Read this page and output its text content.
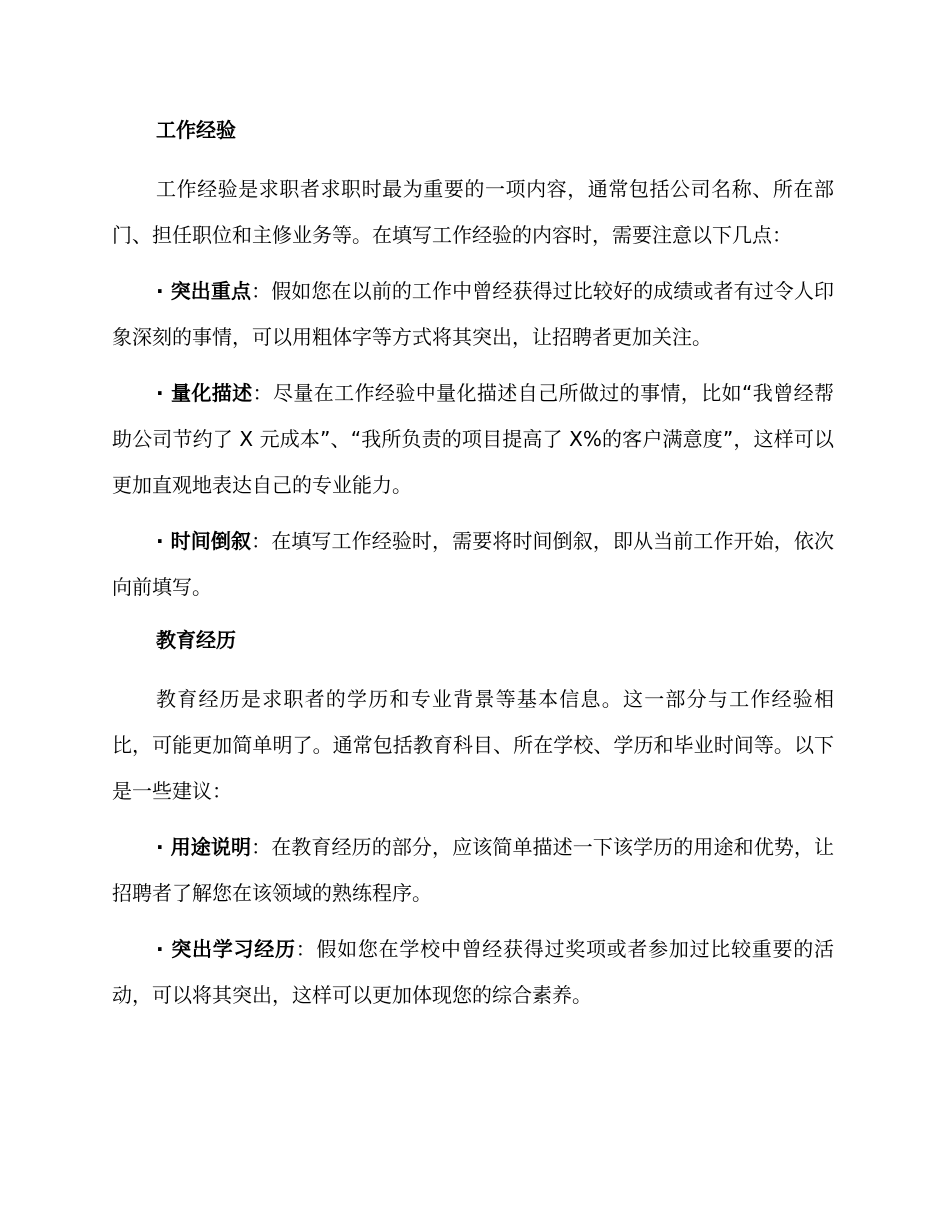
工作经验

工作经验是求职者求职时最为重要的一项内容，通常包括公司名称、所在部门、担任职位和主修业务等。在填写工作经验的内容时，需要注意以下几点：

· 突出重点：假如您在以前的工作中曾经获得过比较好的成绩或者有过令人印象深刻的事情，可以用粗体字等方式将其突出，让招聘者更加关注。

· 量化描述：尽量在工作经验中量化描述自己所做过的事情，比如“我曾经帮助公司节约了 X 元成本”、“我所负责的项目提高了 X%的客户满意度”，这样可以更加直观地表达自己的专业能力。

· 时间倒叙：在填写工作经验时，需要将时间倒叙，即从当前工作开始，依次向前填写。

教育经历

教育经历是求职者的学历和专业背景等基本信息。这一部分与工作经验相比，可能更加简单明了。通常包括教育科目、所在学校、学历和毕业时间等。以下是一些建议：

· 用途说明：在教育经历的部分，应该简单描述一下该学历的用途和优势，让招聘者了解您在该领域的熟练程序。

· 突出学习经历：假如您在学校中曾经获得过奖项或者参加过比较重要的活动，可以将其突出，这样可以更加体现您的综合素养。
